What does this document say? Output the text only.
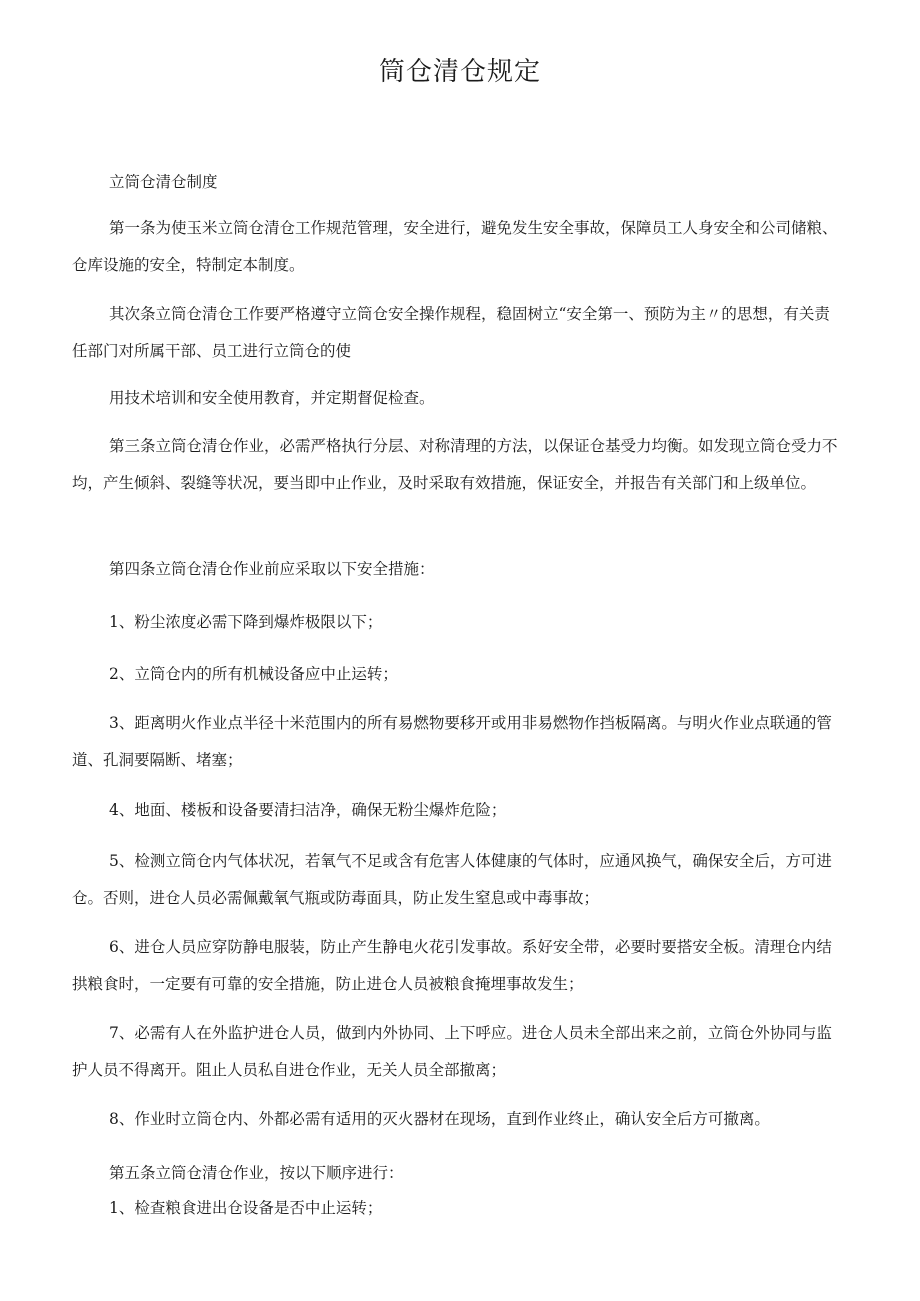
筒仓清仓规定

立筒仓清仓制度

第一条为使玉米立筒仓清仓工作规范管理，安全进行，避免发生安全事故，保障员工人身安全和公司储粮、仓库设施的安全，特制定本制度。

其次条立筒仓清仓工作要严格遵守立筒仓安全操作规程，稳固树立“安全第一、预防为主〃的思想，有关责任部门对所属干部、员工进行立筒仓的使

用技术培训和安全使用教育，并定期督促检查。

第三条立筒仓清仓作业，必需严格执行分层、对称清理的方法，以保证仓基受力均衡。如发现立筒仓受力不均，产生倾斜、裂缝等状况，要当即中止作业，及时采取有效措施，保证安全，并报告有关部门和上级单位。

第四条立筒仓清仓作业前应采取以下安全措施：

1、粉尘浓度必需下降到爆炸极限以下；

2、立筒仓内的所有机械设备应中止运转；

3、距离明火作业点半径十米范围内的所有易燃物要移开或用非易燃物作挡板隔离。与明火作业点联通的管道、孔洞要隔断、堵塞；

4、地面、楼板和设备要清扫洁净，确保无粉尘爆炸危险；

5、检测立筒仓内气体状况，若氧气不足或含有危害人体健康的气体时，应通风换气，确保安全后，方可进仓。否则，进仓人员必需佩戴氧气瓶或防毒面具，防止发生窒息或中毒事故；

6、进仓人员应穿防静电服装，防止产生静电火花引发事故。系好安全带，必要时要搭安全板。清理仓内结拱粮食时，一定要有可靠的安全措施，防止进仓人员被粮食掩埋事故发生；

7、必需有人在外监护进仓人员，做到内外协同、上下呼应。进仓人员未全部出来之前，立筒仓外协同与监护人员不得离开。阻止人员私自进仓作业，无关人员全部撤离；

8、作业时立筒仓内、外都必需有适用的灭火器材在现场，直到作业终止，确认安全后方可撤离。

第五条立筒仓清仓作业，按以下顺序进行：

1、检查粮食进出仓设备是否中止运转；
